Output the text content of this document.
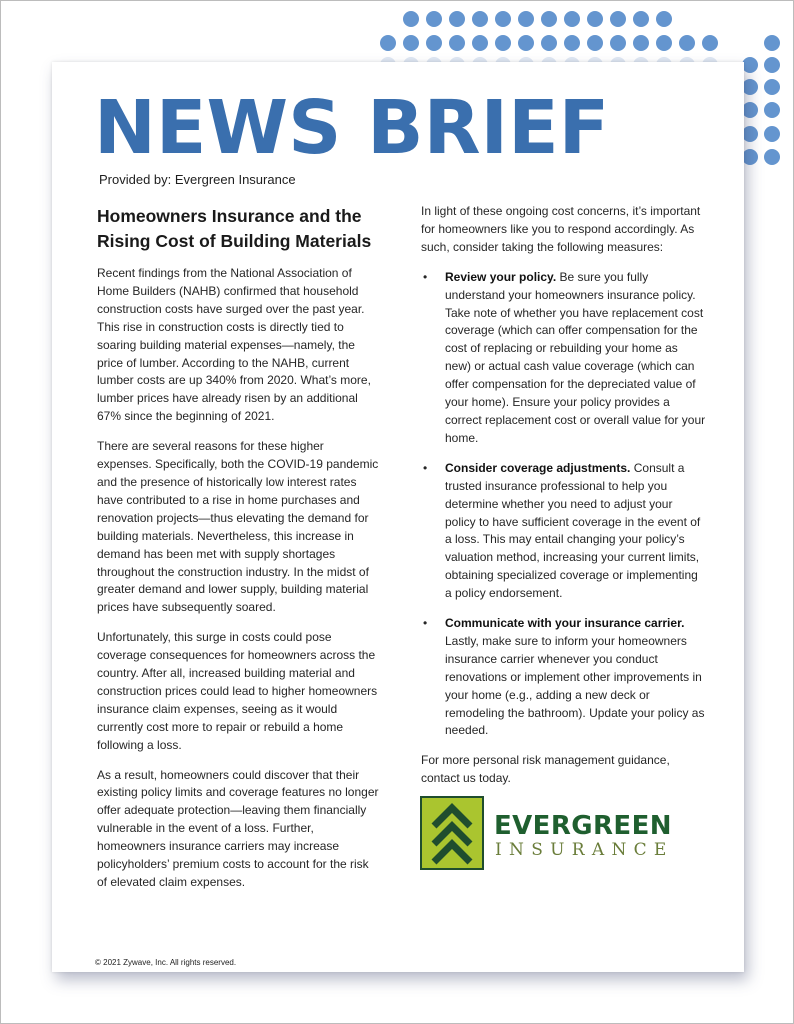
NEWS BRIEF

Provided by: Evergreen Insurance

Homeowners Insurance and the Rising Cost of Building Materials

Recent findings from the National Association of Home Builders (NAHB) confirmed that household construction costs have surged over the past year. This rise in construction costs is directly tied to soaring building material expenses—namely, the price of lumber. According to the NAHB, current lumber costs are up 340% from 2020. What’s more, lumber prices have already risen by an additional 67% since the beginning of 2021.

There are several reasons for these higher expenses. Specifically, both the COVID-19 pandemic and the presence of historically low interest rates have contributed to a rise in home purchases and renovation projects—thus elevating the demand for building materials. Nevertheless, this increase in demand has been met with supply shortages throughout the construction industry. In the midst of greater demand and lower supply, building material prices have subsequently soared.

Unfortunately, this surge in costs could pose coverage consequences for homeowners across the country. After all, increased building material and construction prices could lead to higher homeowners insurance claim expenses, seeing as it would currently cost more to repair or rebuild a home following a loss.

As a result, homeowners could discover that their existing policy limits and coverage features no longer offer adequate protection—leaving them financially vulnerable in the event of a loss. Further, homeowners insurance carriers may increase policyholders’ premium costs to account for the risk of elevated claim expenses.

In light of these ongoing cost concerns, it’s important for homeowners like you to respond accordingly. As such, consider taking the following measures:

• Review your policy. Be sure you fully understand your homeowners insurance policy. Take note of whether you have replacement cost coverage (which can offer compensation for the cost of replacing or rebuilding your home as new) or actual cash value coverage (which can offer compensation for the depreciated value of your home). Ensure your policy provides a correct replacement cost or overall value for your home.
• Consider coverage adjustments. Consult a trusted insurance professional to help you determine whether you need to adjust your policy to have sufficient coverage in the event of a loss. This may entail changing your policy’s valuation method, increasing your current limits, obtaining specialized coverage or implementing a policy endorsement.
• Communicate with your insurance carrier. Lastly, make sure to inform your homeowners insurance carrier whenever you conduct renovations or implement other improvements in your home (e.g., adding a new deck or remodeling the bathroom). Update your policy as needed.

For more personal risk management guidance, contact us today.

EVERGREEN

INSURANCE

© 2021 Zywave, Inc. All rights reserved.
